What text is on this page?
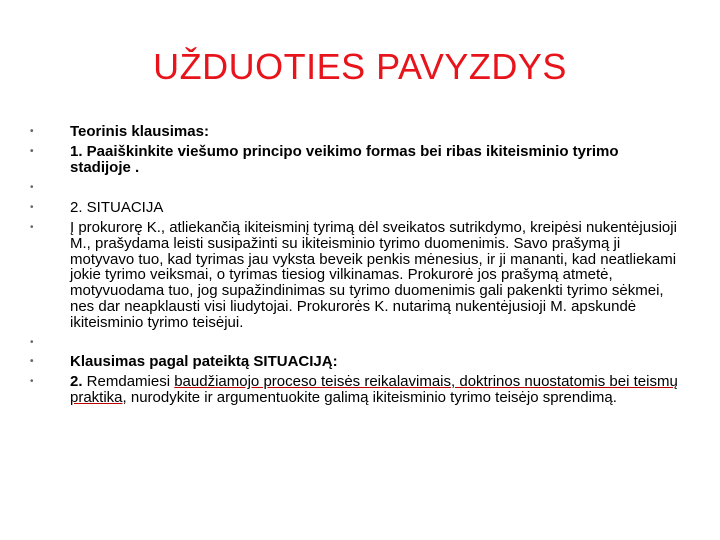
UŽDUOTIES PAVYZDYS
•	Teorinis klausimas:
•	1. Paaiškinkite viešumo principo veikimo formas bei ribas ikiteisminio tyrimo stadijoje .
•
•	2. SITUACIJA
•	Į prokurorę K., atliekančią ikiteisminį tyrimą dėl sveikatos sutrikdymo, kreipėsi nukentėjusioji M., prašydama leisti susipažinti su ikiteisminio tyrimo duomenimis. Savo prašymą ji motyvavo tuo, kad tyrimas jau vyksta beveik penkis mėnesius, ir ji mananti, kad neatliekami jokie tyrimo veiksmai, o tyrimas tiesiog vilkinamas. Prokurorė jos prašymą atmetė, motyvuodama tuo, jog supažindinimas su tyrimo duomenimis gali pakenkti tyrimo sėkmei, nes dar neapklausti visi liudytojai. Prokurorės K. nutarimą nukentėjusioji M. apskundė ikiteisminio tyrimo teisėjui.
•
•	Klausimas pagal pateiktą SITUACIJĄ:
•	2. Remdamiesi baudžiamojo proceso teisės reikalavimais, doktrinos nuostatomis bei teismų praktika, nurodykite ir argumentuokite galimą ikiteisminio tyrimo teisėjo sprendimą.
